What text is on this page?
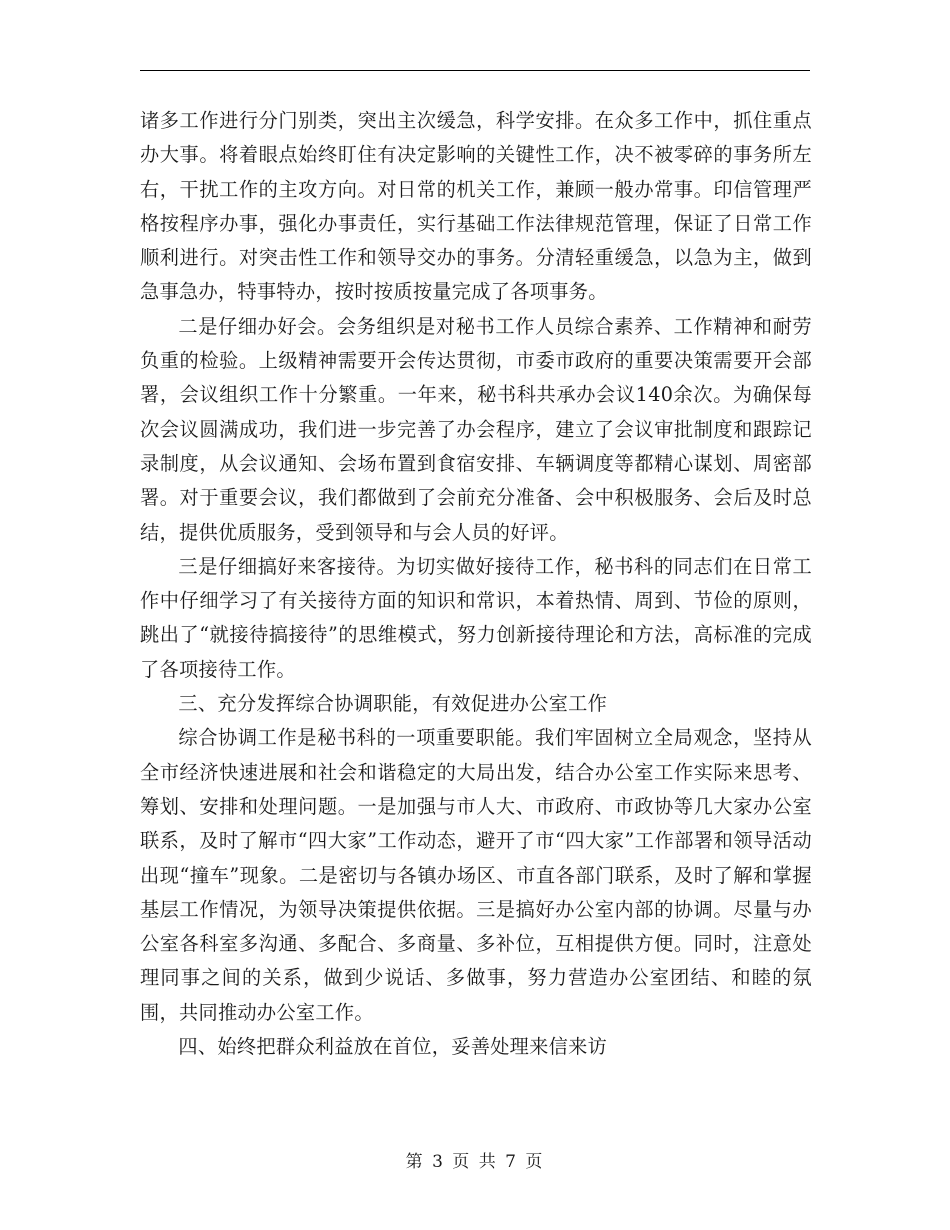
诸多工作进行分门别类，突出主次缓急，科学安排。在众多工作中，抓住重点办大事。将着眼点始终盯住有决定影响的关键性工作，决不被零碎的事务所左右，干扰工作的主攻方向。对日常的机关工作，兼顾一般办常事。印信管理严格按程序办事，强化办事责任，实行基础工作法律规范管理，保证了日常工作顺利进行。对突击性工作和领导交办的事务。分清轻重缓急，以急为主，做到急事急办，特事特办，按时按质按量完成了各项事务。

二是仔细办好会。会务组织是对秘书工作人员综合素养、工作精神和耐劳负重的检验。上级精神需要开会传达贯彻，市委市政府的重要决策需要开会部署，会议组织工作十分繁重。一年来，秘书科共承办会议140余次。为确保每次会议圆满成功，我们进一步完善了办会程序，建立了会议审批制度和跟踪记录制度，从会议通知、会场布置到食宿安排、车辆调度等都精心谋划、周密部署。对于重要会议，我们都做到了会前充分准备、会中积极服务、会后及时总结，提供优质服务，受到领导和与会人员的好评。

三是仔细搞好来客接待。为切实做好接待工作，秘书科的同志们在日常工作中仔细学习了有关接待方面的知识和常识，本着热情、周到、节俭的原则，跳出了“就接待搞接待”的思维模式，努力创新接待理论和方法，高标准的完成了各项接待工作。

三、充分发挥综合协调职能，有效促进办公室工作

综合协调工作是秘书科的一项重要职能。我们牢固树立全局观念，坚持从全市经济快速进展和社会和谐稳定的大局出发，结合办公室工作实际来思考、筹划、安排和处理问题。一是加强与市人大、市政府、市政协等几大家办公室联系，及时了解市“四大家”工作动态，避开了市“四大家”工作部署和领导活动出现“撞车”现象。二是密切与各镇办场区、市直各部门联系，及时了解和掌握基层工作情况，为领导决策提供依据。三是搞好办公室内部的协调。尽量与办公室各科室多沟通、多配合、多商量、多补位，互相提供方便。同时，注意处理同事之间的关系，做到少说话、多做事，努力营造办公室团结、和睦的氛围，共同推动办公室工作。

四、始终把群众利益放在首位，妥善处理来信来访

第 3 页 共 7 页
